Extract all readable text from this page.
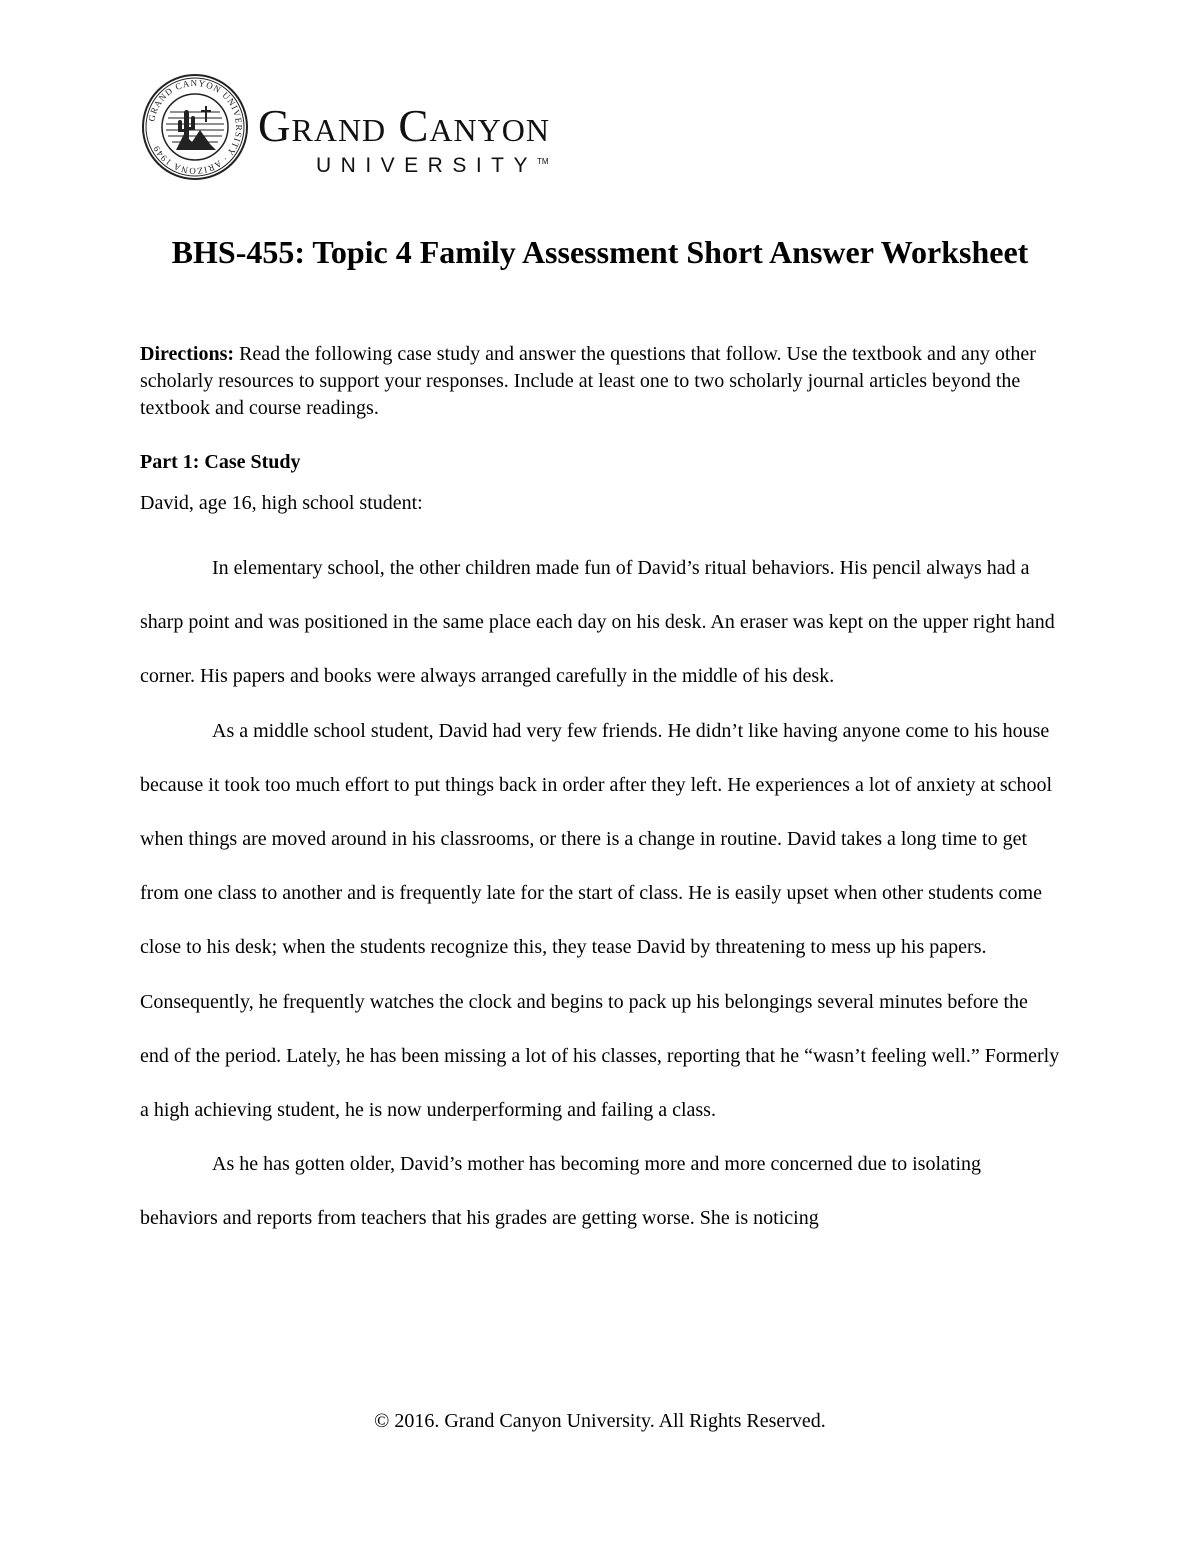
GRAND CANYON UNIVERSITY · ARIZONA 1949	Grand Canyon
UNIVERSITY™
BHS-455: Topic 4 Family Assessment Short Answer Worksheet

Directions: Read the following case study and answer the questions that follow. Use the textbook and any other scholarly resources to support your responses. Include at least one to two scholarly journal articles beyond the textbook and course readings.

Part 1: Case Study

David, age 16, high school student:

In elementary school, the other children made fun of David’s ritual behaviors. His pencil always had a sharp point and was positioned in the same place each day on his desk. An eraser was kept on the upper right hand corner. His papers and books were always arranged carefully in the middle of his desk.

As a middle school student, David had very few friends. He didn’t like having anyone come to his house because it took too much effort to put things back in order after they left. He experiences a lot of anxiety at school when things are moved around in his classrooms, or there is a change in routine. David takes a long time to get from one class to another and is frequently late for the start of class. He is easily upset when other students come close to his desk; when the students recognize this, they tease David by threatening to mess up his papers. Consequently, he frequently watches the clock and begins to pack up his belongings several minutes before the end of the period. Lately, he has been missing a lot of his classes, reporting that he “wasn’t feeling well.” Formerly a high achieving student, he is now underperforming and failing a class.

As he has gotten older, David’s mother has becoming more and more concerned due to isolating behaviors and reports from teachers that his grades are getting worse. She is noticing

© 2016. Grand Canyon University. All Rights Reserved.
